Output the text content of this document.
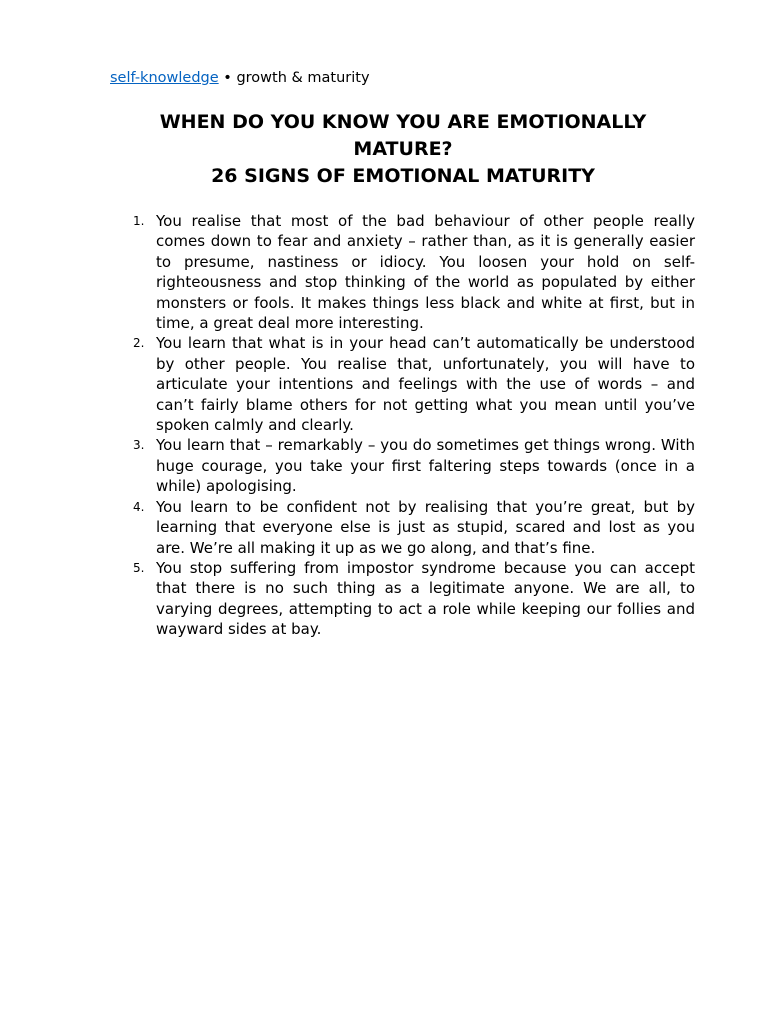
self-knowledge • growth & maturity
WHEN DO YOU KNOW YOU ARE EMOTIONALLY
MATURE?
26 SIGNS OF EMOTIONAL MATURITY
1. You realise that most of the bad behaviour of other people really comes down to fear and anxiety – rather than, as it is generally easier to presume, nastiness or idiocy. You loosen your hold on self-righteousness and stop thinking of the world as populated by either monsters or fools. It makes things less black and white at first, but in time, a great deal more interesting.
2. You learn that what is in your head can’t automatically be understood by other people. You realise that, unfortunately, you will have to articulate your intentions and feelings with the use of words – and can’t fairly blame others for not getting what you mean until you’ve spoken calmly and clearly.
3. You learn that – remarkably – you do sometimes get things wrong. With huge courage, you take your first faltering steps towards (once in a while) apologising.
4. You learn to be confident not by realising that you’re great, but by learning that everyone else is just as stupid, scared and lost as you are. We’re all making it up as we go along, and that’s fine.
5. You stop suffering from impostor syndrome because you can accept that there is no such thing as a legitimate anyone. We are all, to varying degrees, attempting to act a role while keeping our follies and wayward sides at bay.
